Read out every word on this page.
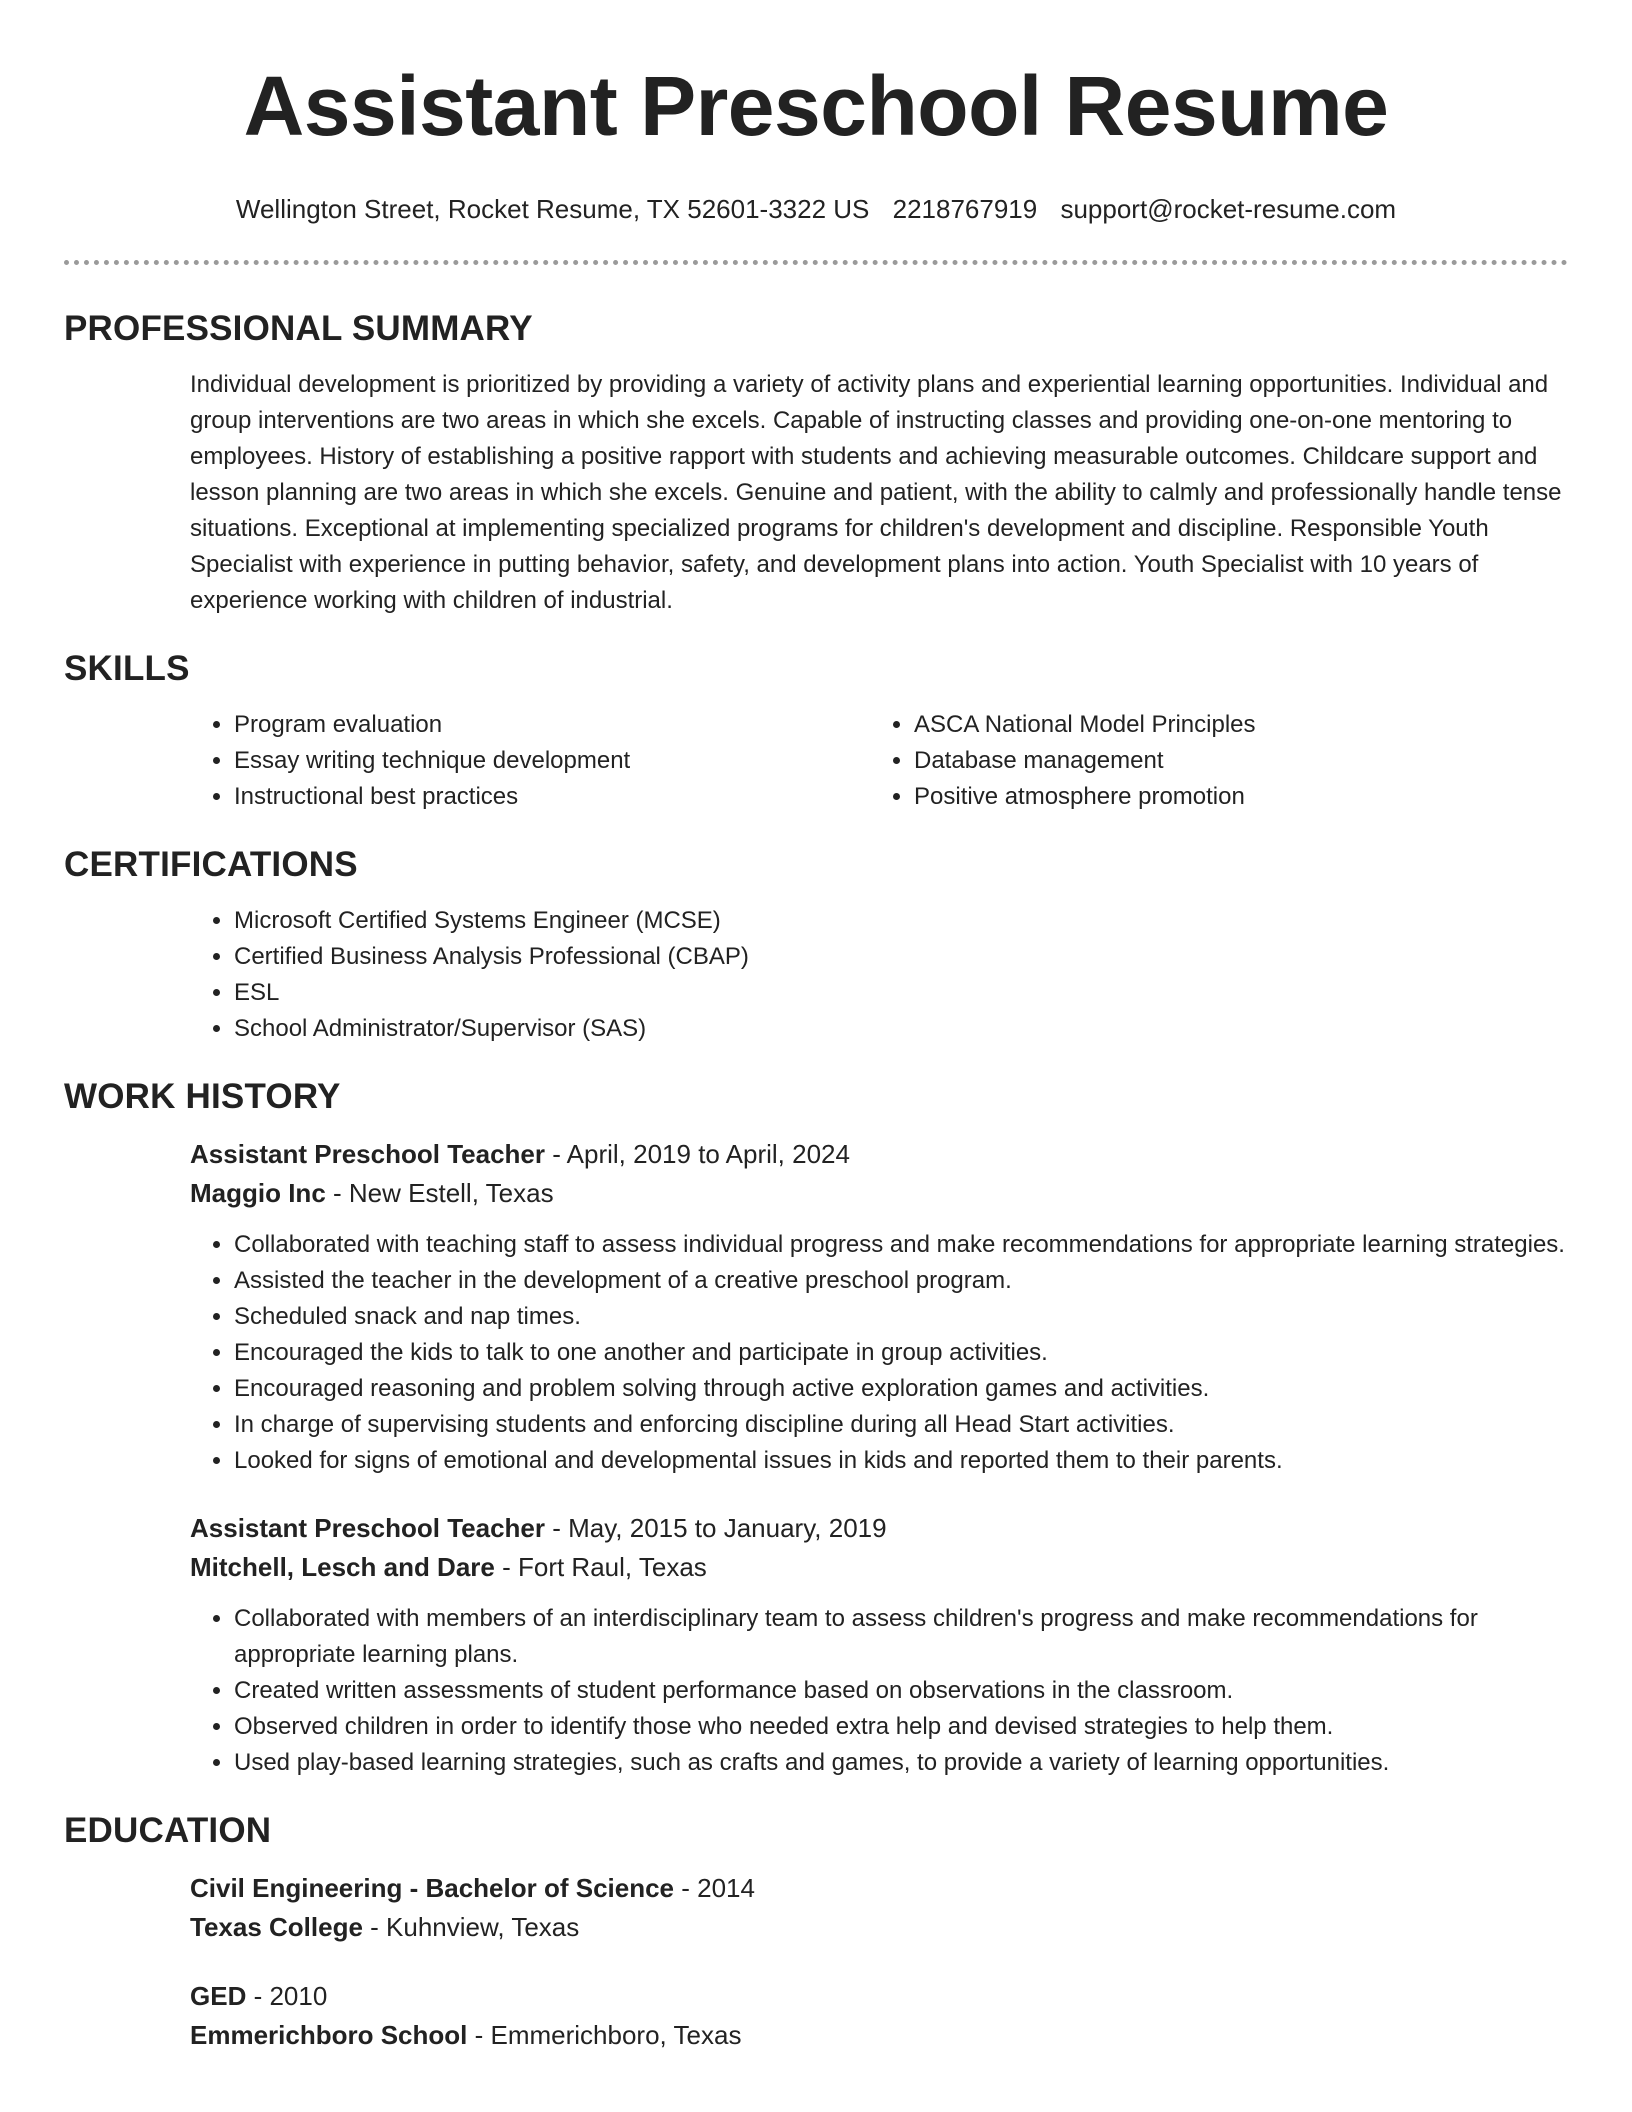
Assistant Preschool Resume
Wellington Street, Rocket Resume, TX 52601-3322 US 2218767919 support@rocket-resume.com
PROFESSIONAL SUMMARY

Individual development is prioritized by providing a variety of activity plans and experiential learning opportunities. Individual and group interventions are two areas in which she excels. Capable of instructing classes and providing one-on-one mentoring to employees. History of establishing a positive rapport with students and achieving measurable outcomes. Childcare support and lesson planning are two areas in which she excels. Genuine and patient, with the ability to calmly and professionally handle tense situations. Exceptional at implementing specialized programs for children's development and discipline. Responsible Youth Specialist with experience in putting behavior, safety, and development plans into action. Youth Specialist with 10 years of experience working with children of industrial.

SKILLS
• Program evaluation
• Essay writing technique development
• Instructional best practices
• ASCA National Model Principles
• Database management
• Positive atmosphere promotion
CERTIFICATIONS
• Microsoft Certified Systems Engineer (MCSE)
• Certified Business Analysis Professional (CBAP)
• ESL
• School Administrator/Supervisor (SAS)
WORK HISTORY
Assistant Preschool Teacher - April, 2019 to April, 2024
Maggio Inc - New Estell, Texas
• Collaborated with teaching staff to assess individual progress and make recommendations for appropriate learning strategies.
• Assisted the teacher in the development of a creative preschool program.
• Scheduled snack and nap times.
• Encouraged the kids to talk to one another and participate in group activities.
• Encouraged reasoning and problem solving through active exploration games and activities.
• In charge of supervising students and enforcing discipline during all Head Start activities.
• Looked for signs of emotional and developmental issues in kids and reported them to their parents.
Assistant Preschool Teacher - May, 2015 to January, 2019
Mitchell, Lesch and Dare - Fort Raul, Texas
• Collaborated with members of an interdisciplinary team to assess children's progress and make recommendations for appropriate learning plans.
• Created written assessments of student performance based on observations in the classroom.
• Observed children in order to identify those who needed extra help and devised strategies to help them.
• Used play-based learning strategies, such as crafts and games, to provide a variety of learning opportunities.
EDUCATION
Civil Engineering - Bachelor of Science - 2014
Texas College - Kuhnview, Texas
GED - 2010
Emmerichboro School - Emmerichboro, Texas
